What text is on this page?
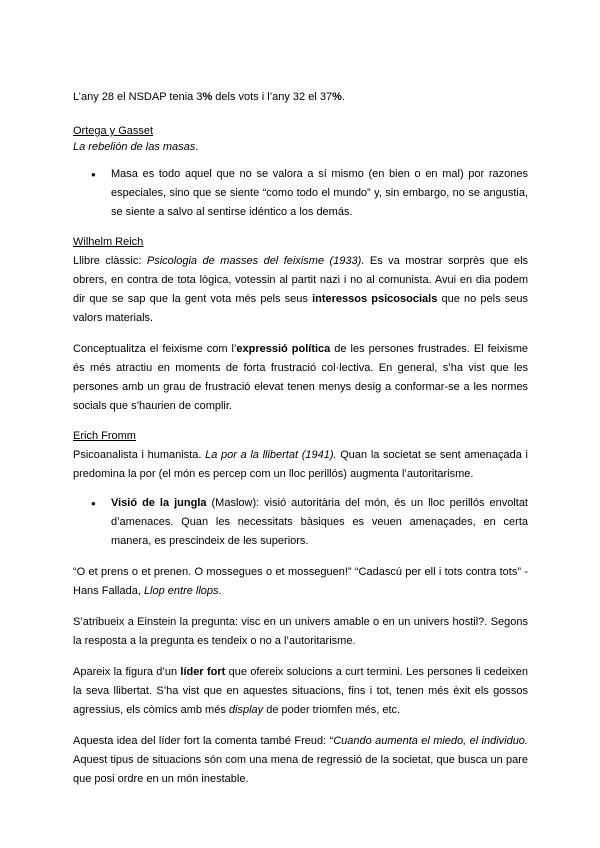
L’any 28 el NSDAP tenia 3% dels vots i l’any 32 el 37%.

Ortega y Gasset
La rebelión de las masas.
● Masa es todo aquel que no se valora a sí mismo (en bien o en mal) por razones especiales, sino que se siente “como todo el mundo” y, sin embargo, no se angustia, se siente a salvo al sentirse idéntico a los demás.
Wilhelm Reich

Llibre clàssic: Psicologia de masses del feixisme (1933). Es va mostrar sorprès que els obrers, en contra de tota lògica, votessin al partit nazi i no al comunista. Avui en dia podem dir que se sap que la gent vota més pels seus interessos psicosocials que no pels seus valors materials.

Conceptualitza el feixisme com l’expressió política de les persones frustrades. El feixisme és més atractiu en moments de forta frustració col·lectiva. En general, s’ha vist que les persones amb un grau de frustració elevat tenen menys desig a conformar-se a les normes socials que s’haurien de complir.

Erich Fromm

Psicoanalista i humanista. La por a la llibertat (1941). Quan la societat se sent amenaçada i predomina la por (el món es percep com un lloc perillós) augmenta l’autoritarisme.

● Visió de la jungla (Maslow): visió autoritària del món, és un lloc perillós envoltat d’amenaces. Quan les necessitats bàsiques es veuen amenaçades, en certa manera, es prescindeix de les superiors.

“O et prens o et prenen. O mossegues o et mosseguen!” “Cadascú per ell i tots contra tots” - Hans Fallada, Llop entre llops.

S’atribueix a Einstein la pregunta: visc en un univers amable o en un univers hostil?. Segons la resposta a la pregunta es tendeix o no a l’autoritarisme.

Apareix la figura d’un líder fort que ofereix solucions a curt termini. Les persones li cedeixen la seva llibertat. S’ha vist que en aquestes situacions, fins i tot, tenen més èxit els gossos agressius, els còmics amb més display de poder triomfen més, etc.

Aquesta idea del líder fort la comenta també Freud: “Cuando aumenta el miedo, el individuo. Aquest tipus de situacions són com una mena de regressió de la societat, que busca un pare que posi ordre en un món inestable.
